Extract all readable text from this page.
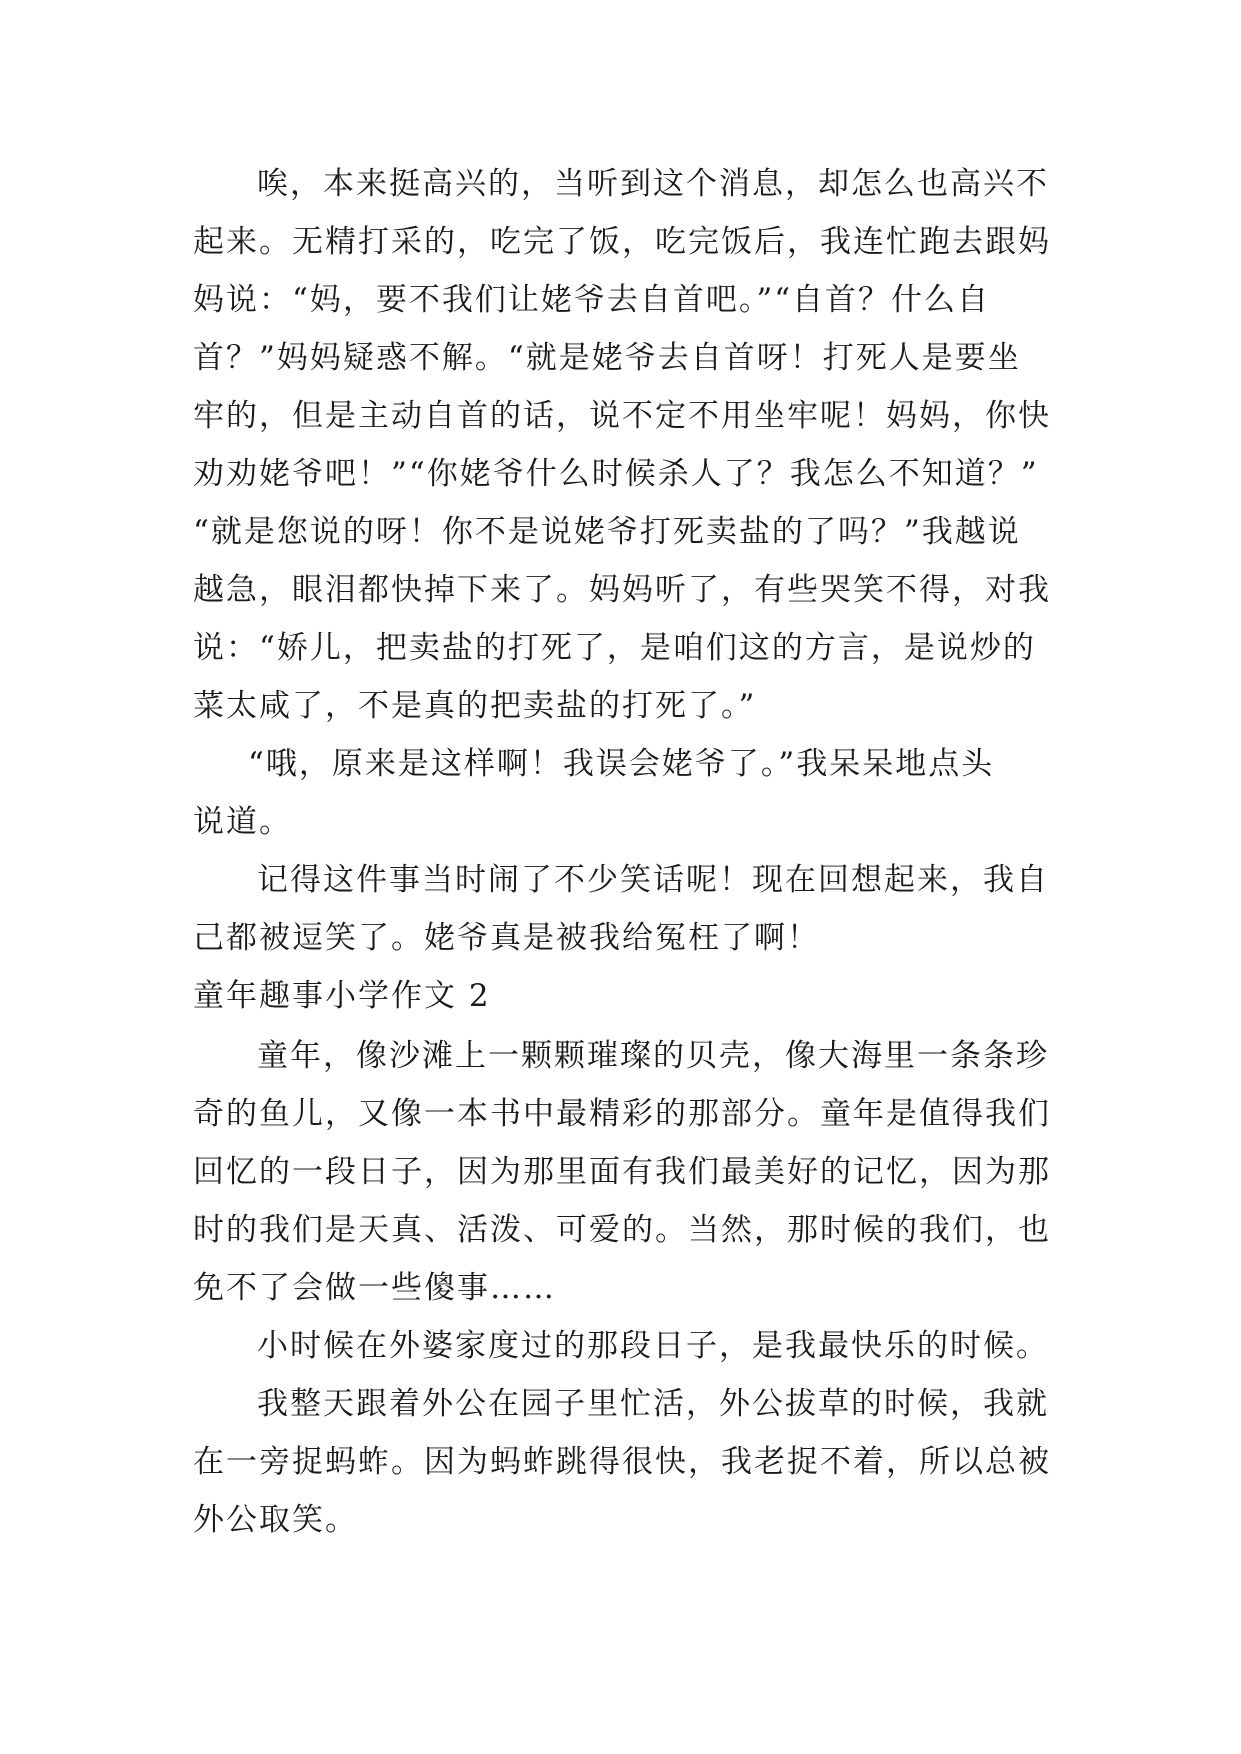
唉，本来挺高兴的，当听到这个消息，却怎么也高兴不
起来。无精打采的，吃完了饭，吃完饭后，我连忙跑去跟妈
妈说：“妈，要不我们让姥爷去自首吧。”“自首？什么自
首？”妈妈疑惑不解。“就是姥爷去自首呀！打死人是要坐
牢的，但是主动自首的话，说不定不用坐牢呢！妈妈，你快
劝劝姥爷吧！”“你姥爷什么时候杀人了？我怎么不知道？”
“就是您说的呀！你不是说姥爷打死卖盐的了吗？”我越说
越急，眼泪都快掉下来了。妈妈听了，有些哭笑不得，对我
说：“娇儿，把卖盐的打死了，是咱们这的方言，是说炒的
菜太咸了，不是真的把卖盐的打死了。”
“哦，原来是这样啊！我误会姥爷了。”我呆呆地点头
说道。
记得这件事当时闹了不少笑话呢！现在回想起来，我自
己都被逗笑了。姥爷真是被我给冤枉了啊！
童年趣事小学作文 2
童年，像沙滩上一颗颗璀璨的贝壳，像大海里一条条珍
奇的鱼儿，又像一本书中最精彩的那部分。童年是值得我们
回忆的一段日子，因为那里面有我们最美好的记忆，因为那
时的我们是天真、活泼、可爱的。当然，那时候的我们，也
免不了会做一些傻事……
小时候在外婆家度过的那段日子，是我最快乐的时候。
我整天跟着外公在园子里忙活，外公拔草的时候，我就
在一旁捉蚂蚱。因为蚂蚱跳得很快，我老捉不着，所以总被
外公取笑。
